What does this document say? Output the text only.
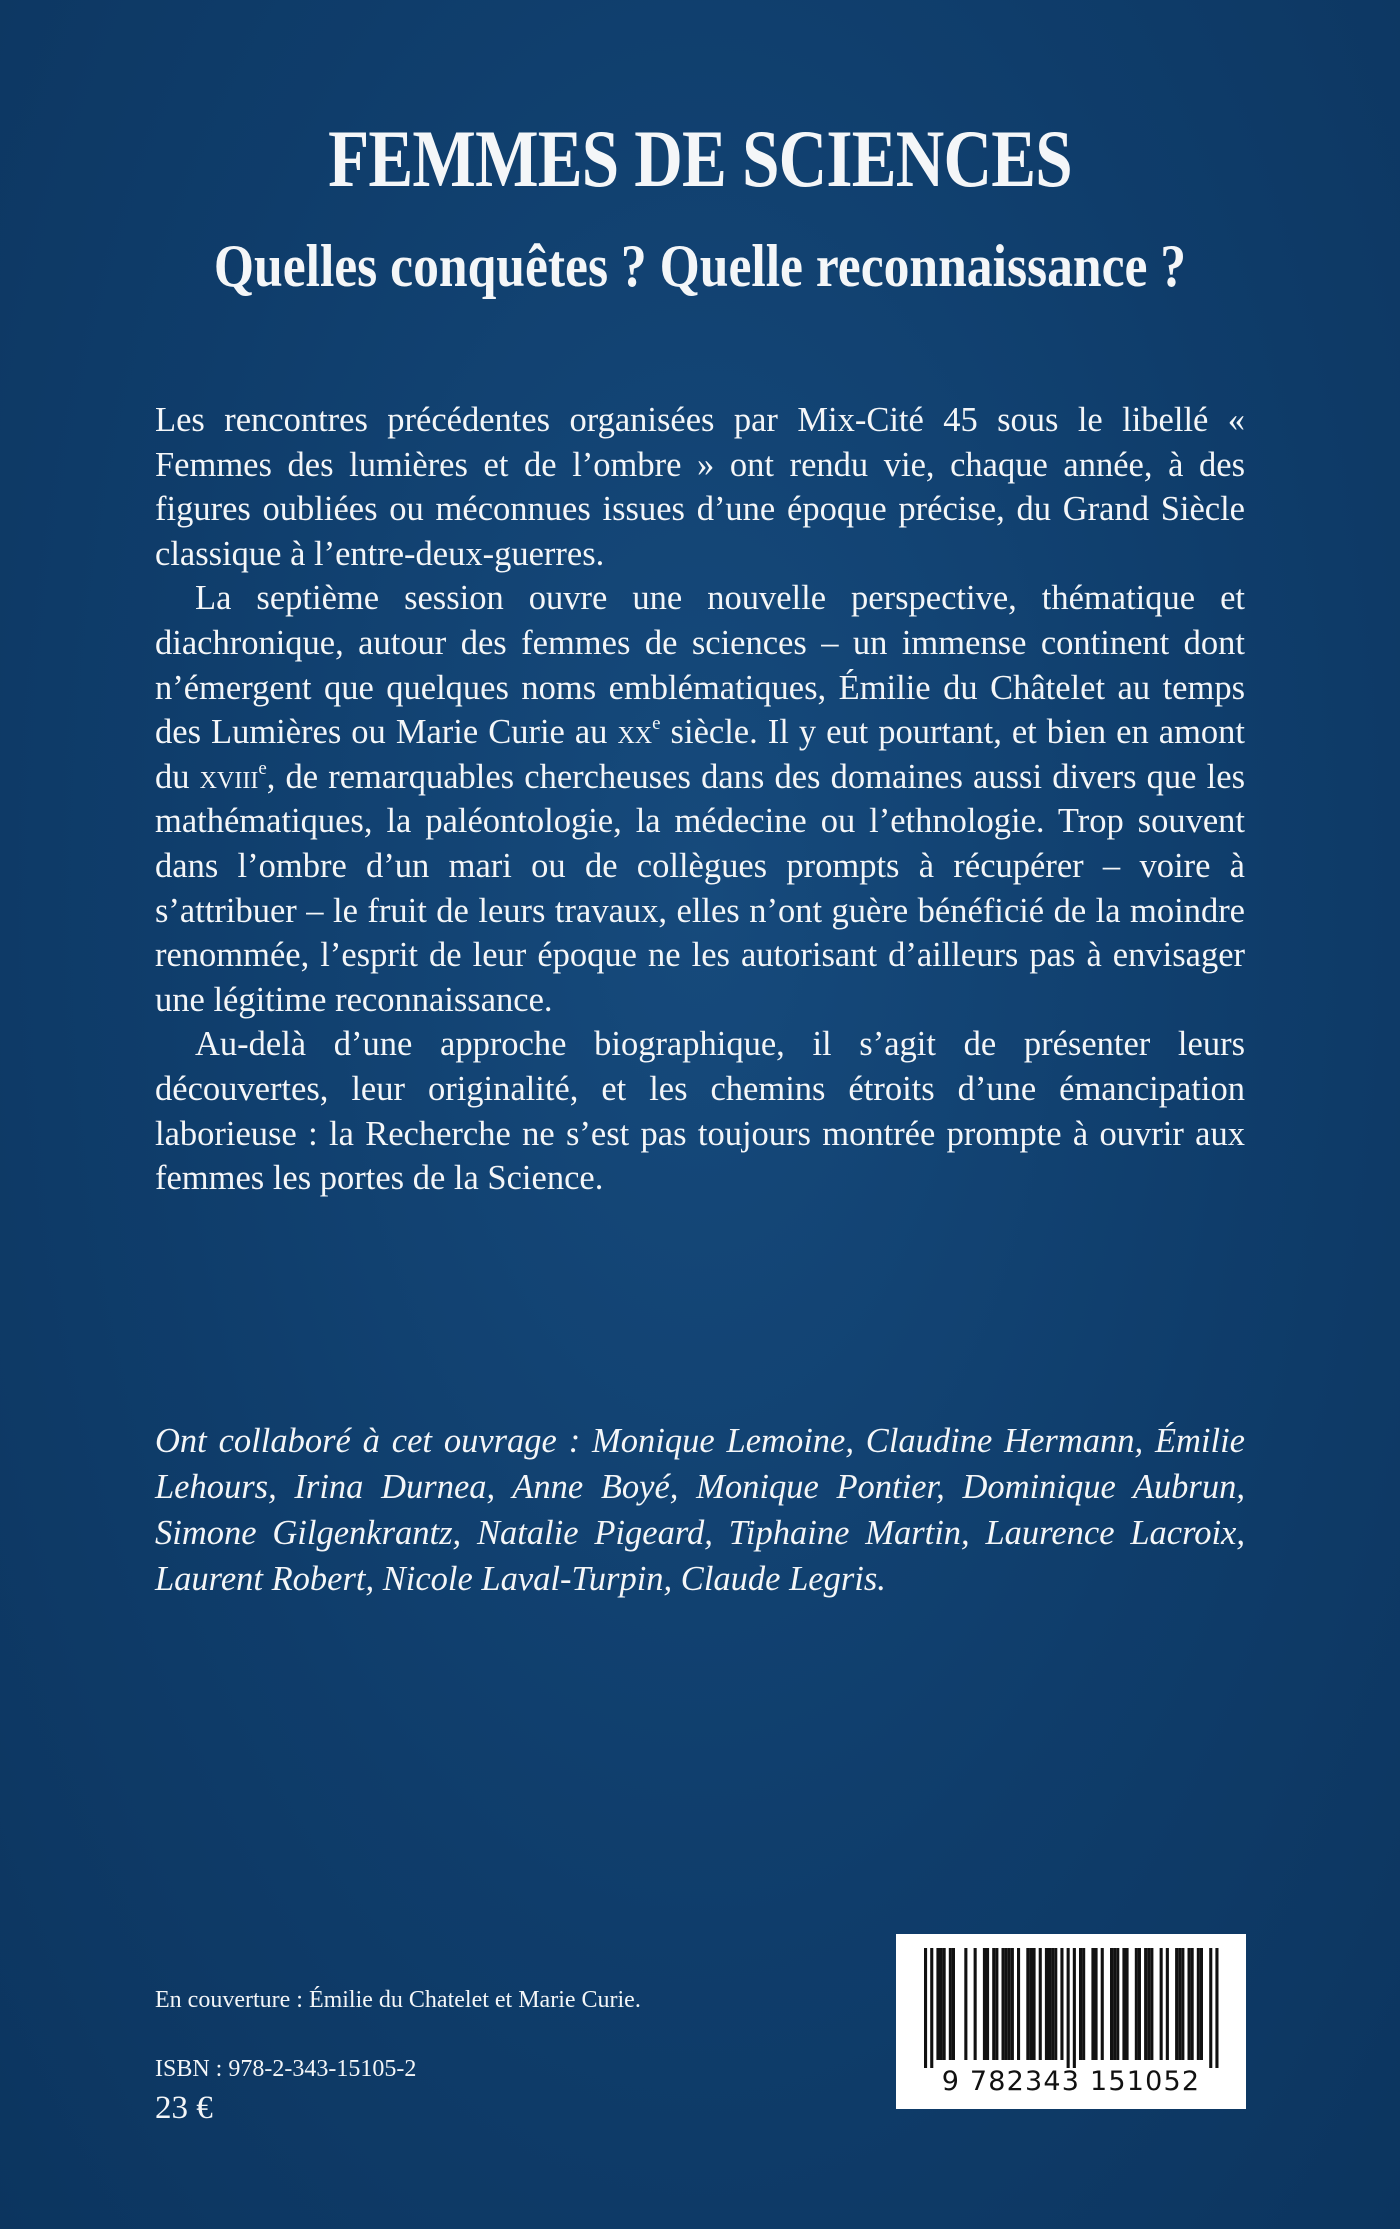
FEMMES DE SCIENCES
Quelles conquêtes ? Quelle reconnaissance ?

Les rencontres précédentes organisées par Mix-Cité 45 sous le libellé « Femmes des lumières et de l’ombre » ont rendu vie, chaque année, à des figures oubliées ou méconnues issues d’une époque précise, du Grand Siècle classique à l’entre-deux-guerres.

La septième session ouvre une nouvelle perspective, thématique et diachronique, autour des femmes de sciences – un immense continent dont n’émergent que quelques noms emblématiques, Émilie du Châtelet au temps des Lumières ou Marie Curie au $xx^e$ siècle. Il y eut pourtant, et bien en amont du xviii$^e$, de remarquables chercheuses dans des domaines aussi divers que les mathématiques, la paléontologie, la médecine ou l’ethnologie. Trop souvent dans l’ombre d’un mari ou de collègues prompts à récupérer – voire à s’attribuer – le fruit de leurs travaux, elles n’ont guère bénéficié de la moindre renommée, l’esprit de leur époque ne les autorisant d’ailleurs pas à envisager une légitime reconnaissance.

Au-delà d’une approche biographique, il s’agit de présenter leurs découvertes, leur originalité, et les chemins étroits d’une émancipation laborieuse : la Recherche ne s’est pas toujours montrée prompte à ouvrir aux femmes les portes de la Science.

Ont collaboré à cet ouvrage : Monique Lemoine, Claudine Hermann, Émilie Lehours, Irina Durnea, Anne Boyé, Monique Pontier, Dominique Aubrun, Simone Gilgenkrantz, Natalie Pigeard, Tiphaine Martin, Laurence Lacroix, Laurent Robert, Nicole Laval-Turpin, Claude Legris.

En couverture : Émilie du Chatelet et Marie Curie.

ISBN : 978-2-343-15105-2

23 €

9 782343 151052
